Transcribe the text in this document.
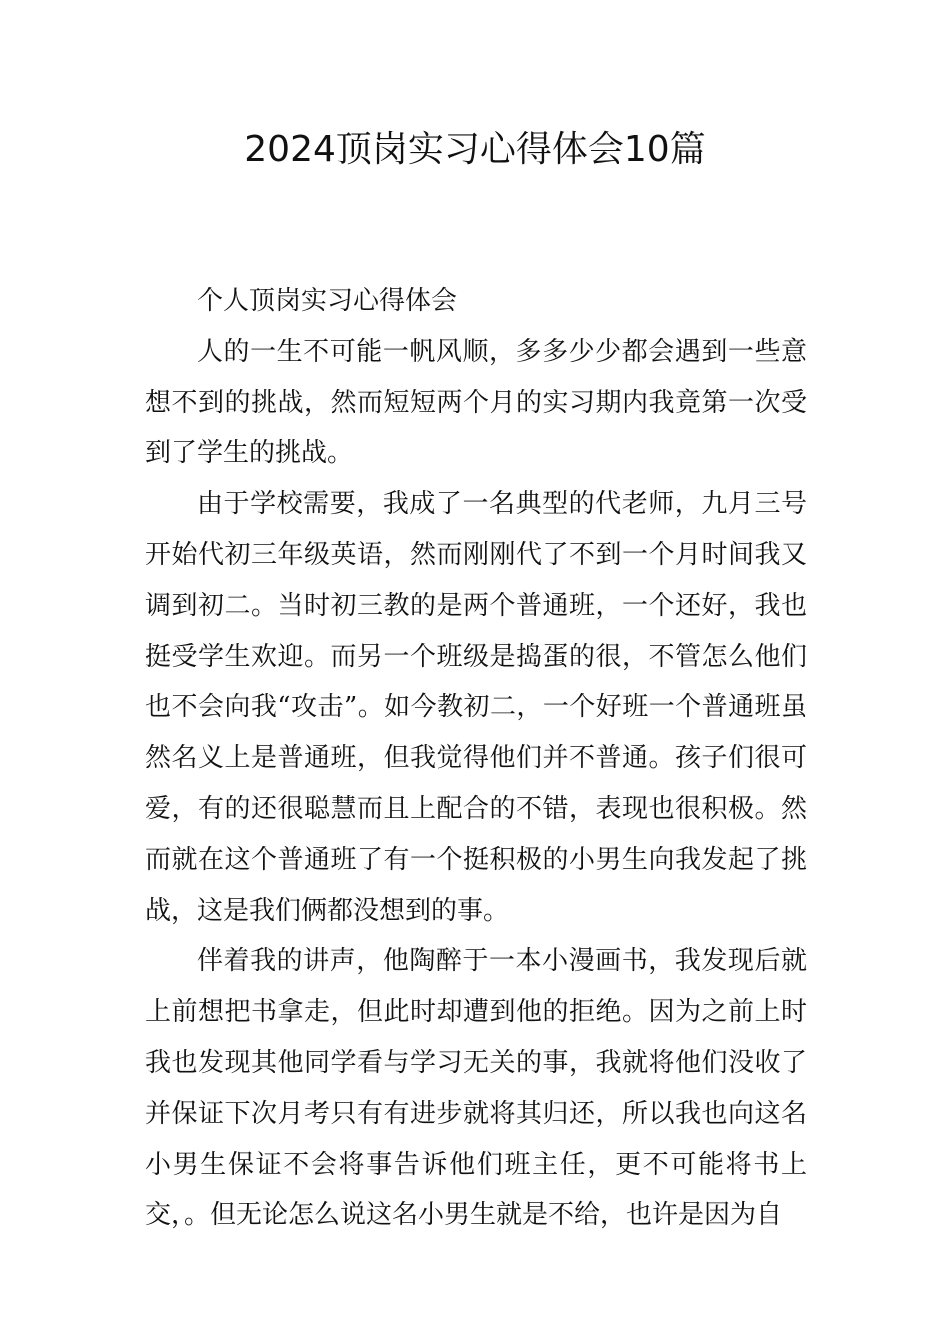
2024顶岗实习心得体会10篇

个人顶岗实习心得体会

人的一生不可能一帆风顺，多多少少都会遇到一些意想不到的挑战，然而短短两个月的实习期内我竟第一次受到了学生的挑战。

由于学校需要，我成了一名典型的代老师，九月三号开始代初三年级英语，然而刚刚代了不到一个月时间我又调到初二。当时初三教的是两个普通班，一个还好，我也挺受学生欢迎。而另一个班级是捣蛋的很，不管怎么他们也不会向我“攻击”。如今教初二，一个好班一个普通班虽然名义上是普通班，但我觉得他们并不普通。孩子们很可爱，有的还很聪慧而且上配合的不错，表现也很积极。然而就在这个普通班了有一个挺积极的小男生向我发起了挑战，这是我们俩都没想到的事。

伴着我的讲声，他陶醉于一本小漫画书，我发现后就上前想把书拿走，但此时却遭到他的拒绝。因为之前上时我也发现其他同学看与学习无关的事，我就将他们没收了并保证下次月考只有有进步就将其归还，所以我也向这名小男生保证不会将事告诉他们班主任，更不可能将书上交，。但无论怎么说这名小男生就是不给，也许是因为自
